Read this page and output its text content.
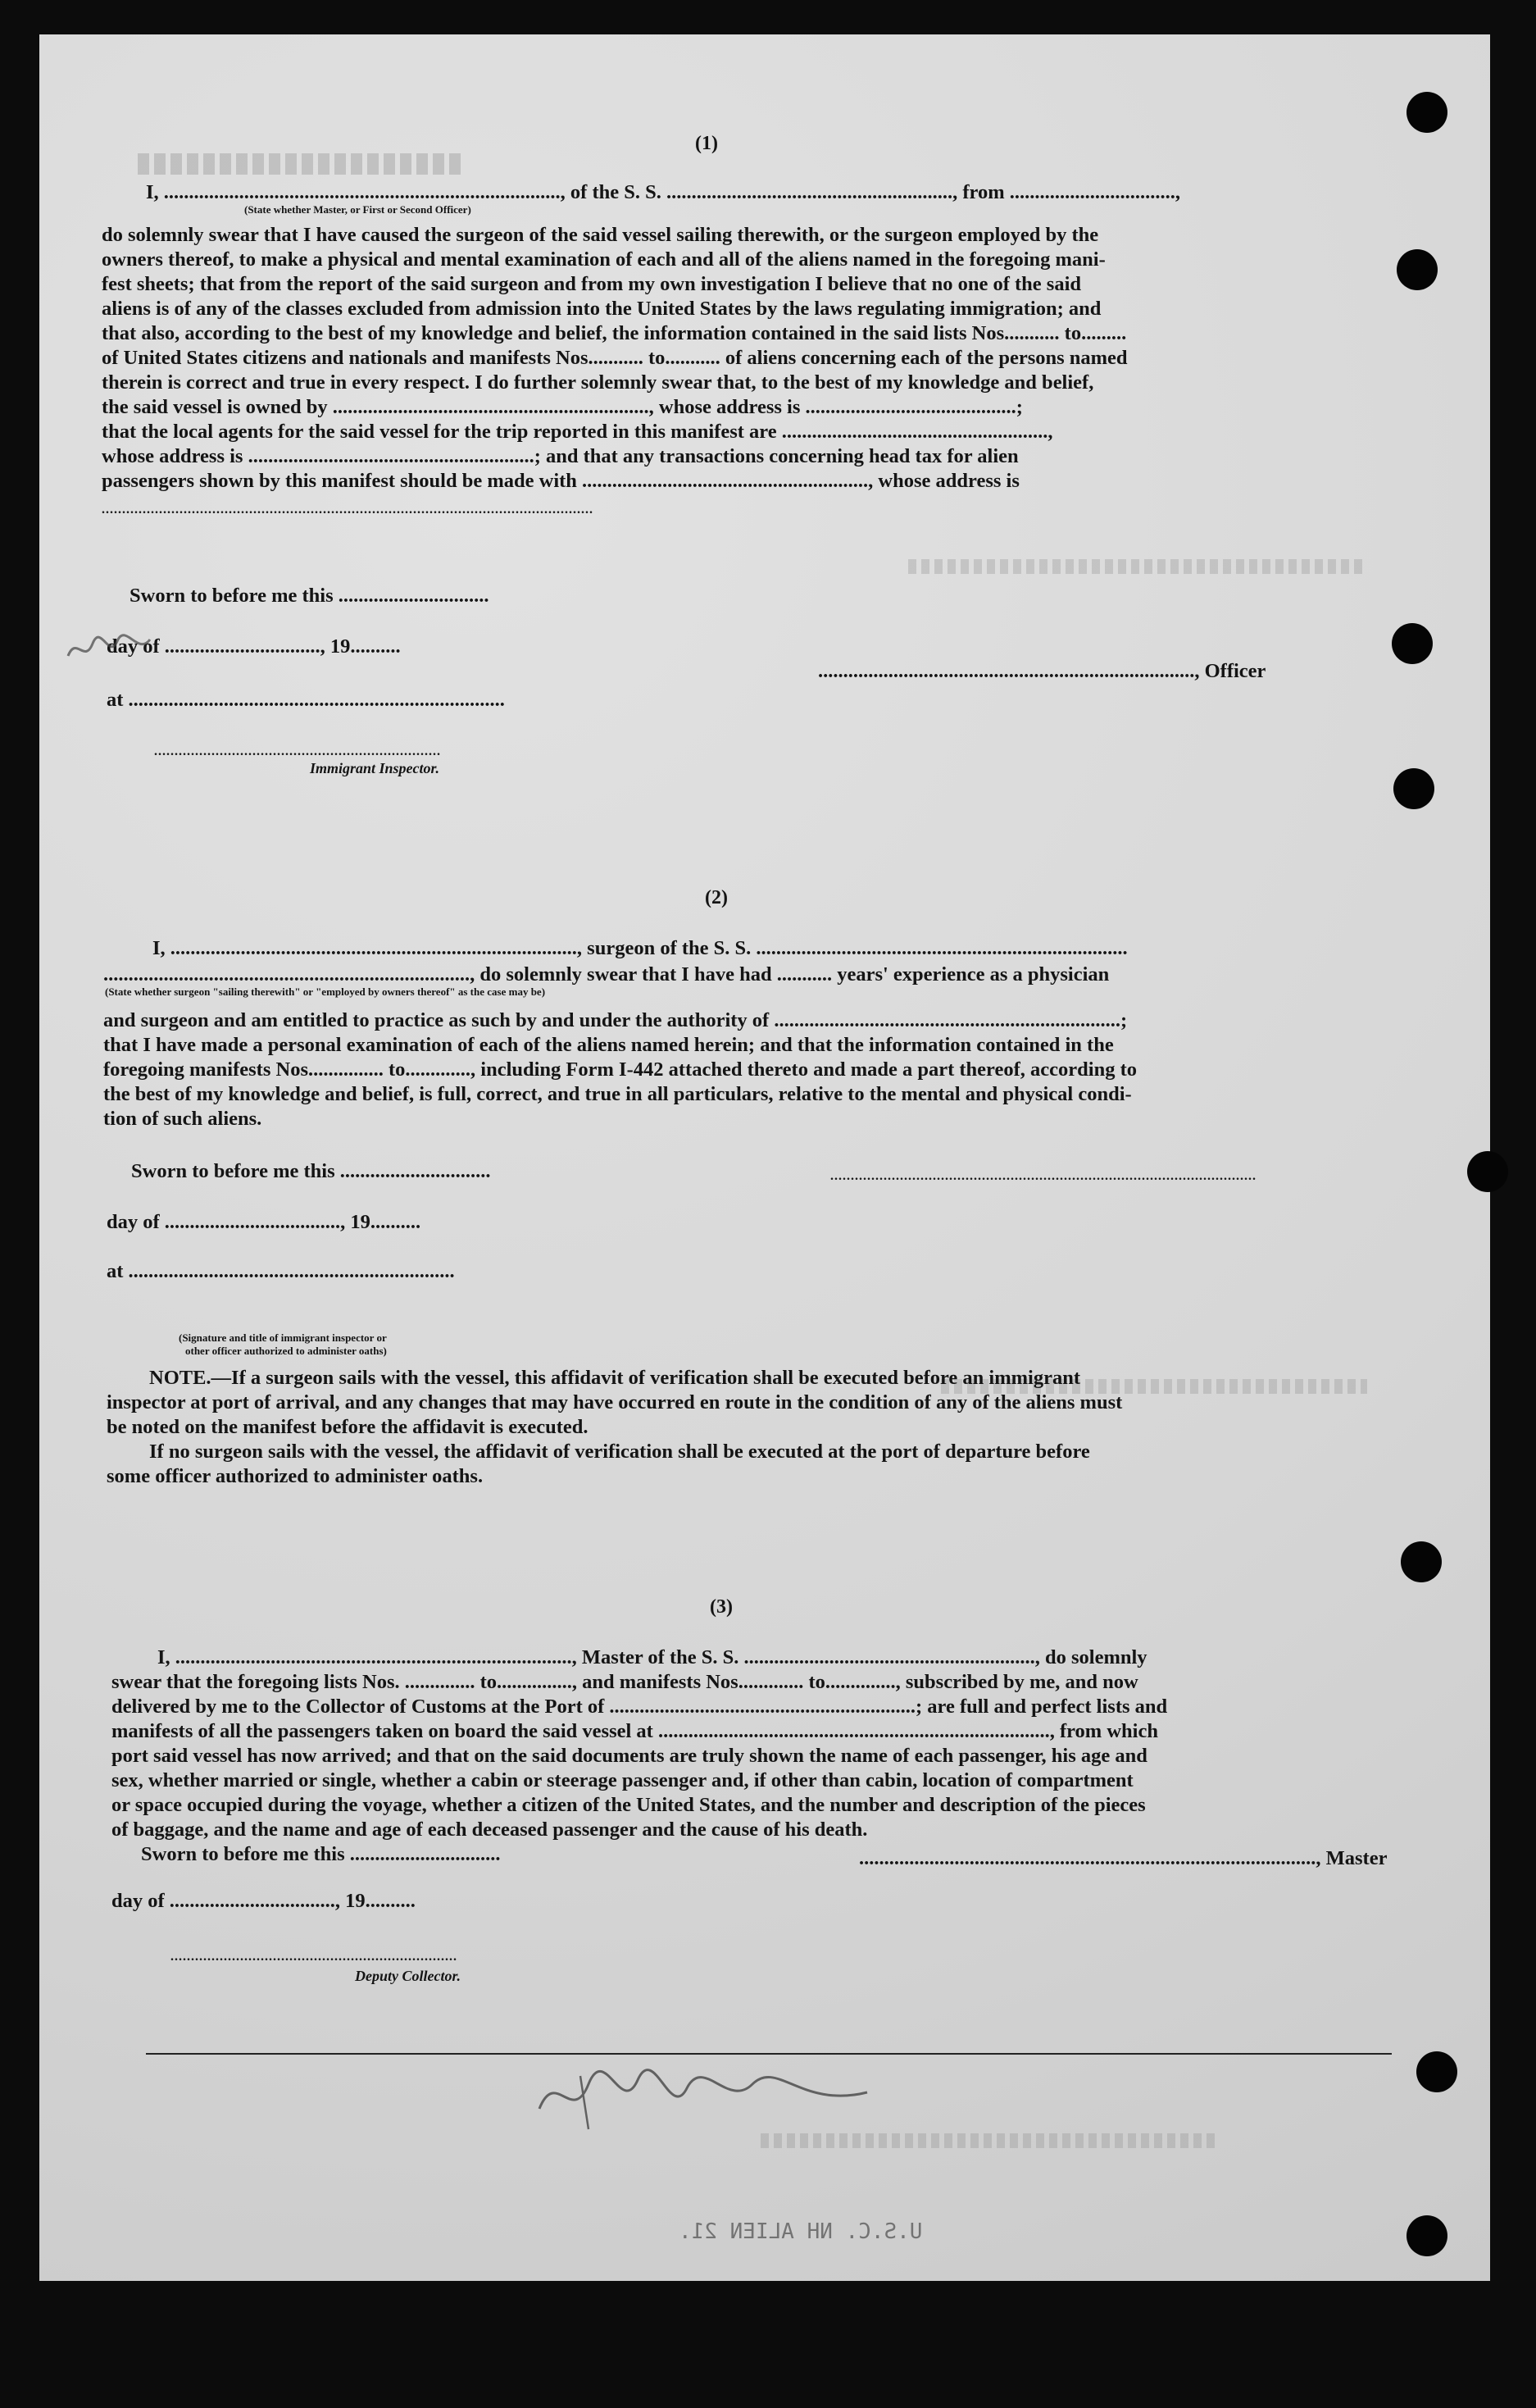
(1)
I, ..............................................................................., of the S. S. ........................................................., from .................................,
(State whether Master, or First or Second Officer)

do solemnly swear that I have caused the surgeon of the said vessel sailing therewith, or the surgeon employed by the

owners thereof, to make a physical and mental examination of each and all of the aliens named in the foregoing mani-

fest sheets; that from the report of the said surgeon and from my own investigation I believe that no one of the said

aliens is of any of the classes excluded from admission into the United States by the laws regulating immigration; and

that also, according to the best of my knowledge and belief, the information contained in the said lists Nos........... to.........

of United States citizens and nationals and manifests Nos........... to........... of aliens concerning each of the persons named

therein is correct and true in every respect. I do further solemnly swear that, to the best of my knowledge and belief,

the said vessel is owned by ..............................................................., whose address is ..........................................;

that the local agents for the said vessel for the trip reported in this manifest are .....................................................,

whose address is .........................................................; and that any transactions concerning head tax for alien

passengers shown by this manifest should be made with ........................................................., whose address is

........................................................................................................................
Sworn to before me this ..............................
day of ..............................., 19..........
..........................................................................., Officer
at ...........................................................................
......................................................................
Immigrant Inspector.
(2)
I, ................................................................................., surgeon of the S. S. ..........................................................................
........................................................................., do solemnly swear that I have had ........... years' experience as a physician
(State whether surgeon "sailing therewith" or "employed by owners thereof" as the case may be)

and surgeon and am entitled to practice as such by and under the authority of .....................................................................;

that I have made a personal examination of each of the aliens named herein; and that the information contained in the

foregoing manifests Nos............... to............., including Form I-442 attached thereto and made a part thereof, according to

the best of my knowledge and belief, is full, correct, and true in all particulars, relative to the mental and physical condi-

tion of such aliens.

Sworn to before me this ..............................	........................................................................................................
day of ..................................., 19..........
at .................................................................
(Signature and title of immigrant inspector or
other officer authorized to administer oaths)

NOTE.—If a surgeon sails with the vessel, this affidavit of verification shall be executed before an immigrant

inspector at port of arrival, and any changes that may have occurred en route in the condition of any of the aliens must

be noted on the manifest before the affidavit is executed.

If no surgeon sails with the vessel, the affidavit of verification shall be executed at the port of departure before

some officer authorized to administer oaths.

(3)

I, ..............................................................................., Master of the S. S. .........................................................., do solemnly

swear that the foregoing lists Nos. .............. to..............., and manifests Nos............. to.............., subscribed by me, and now

delivered by me to the Collector of Customs at the Port of .............................................................; are full and perfect lists and

manifests of all the passengers taken on board the said vessel at .............................................................................., from which

port said vessel has now arrived; and that on the said documents are truly shown the name of each passenger, his age and

sex, whether married or single, whether a cabin or steerage passenger and, if other than cabin, location of compartment

or space occupied during the voyage, whether a citizen of the United States, and the number and description of the pieces

of baggage, and the name and age of each deceased passenger and the cause of his death.

Sworn to before me this ..............................	..........................................................................................., Master
day of ................................., 19..........
......................................................................
Deputy Collector.
U.S.C. NH ALIEN 21.
